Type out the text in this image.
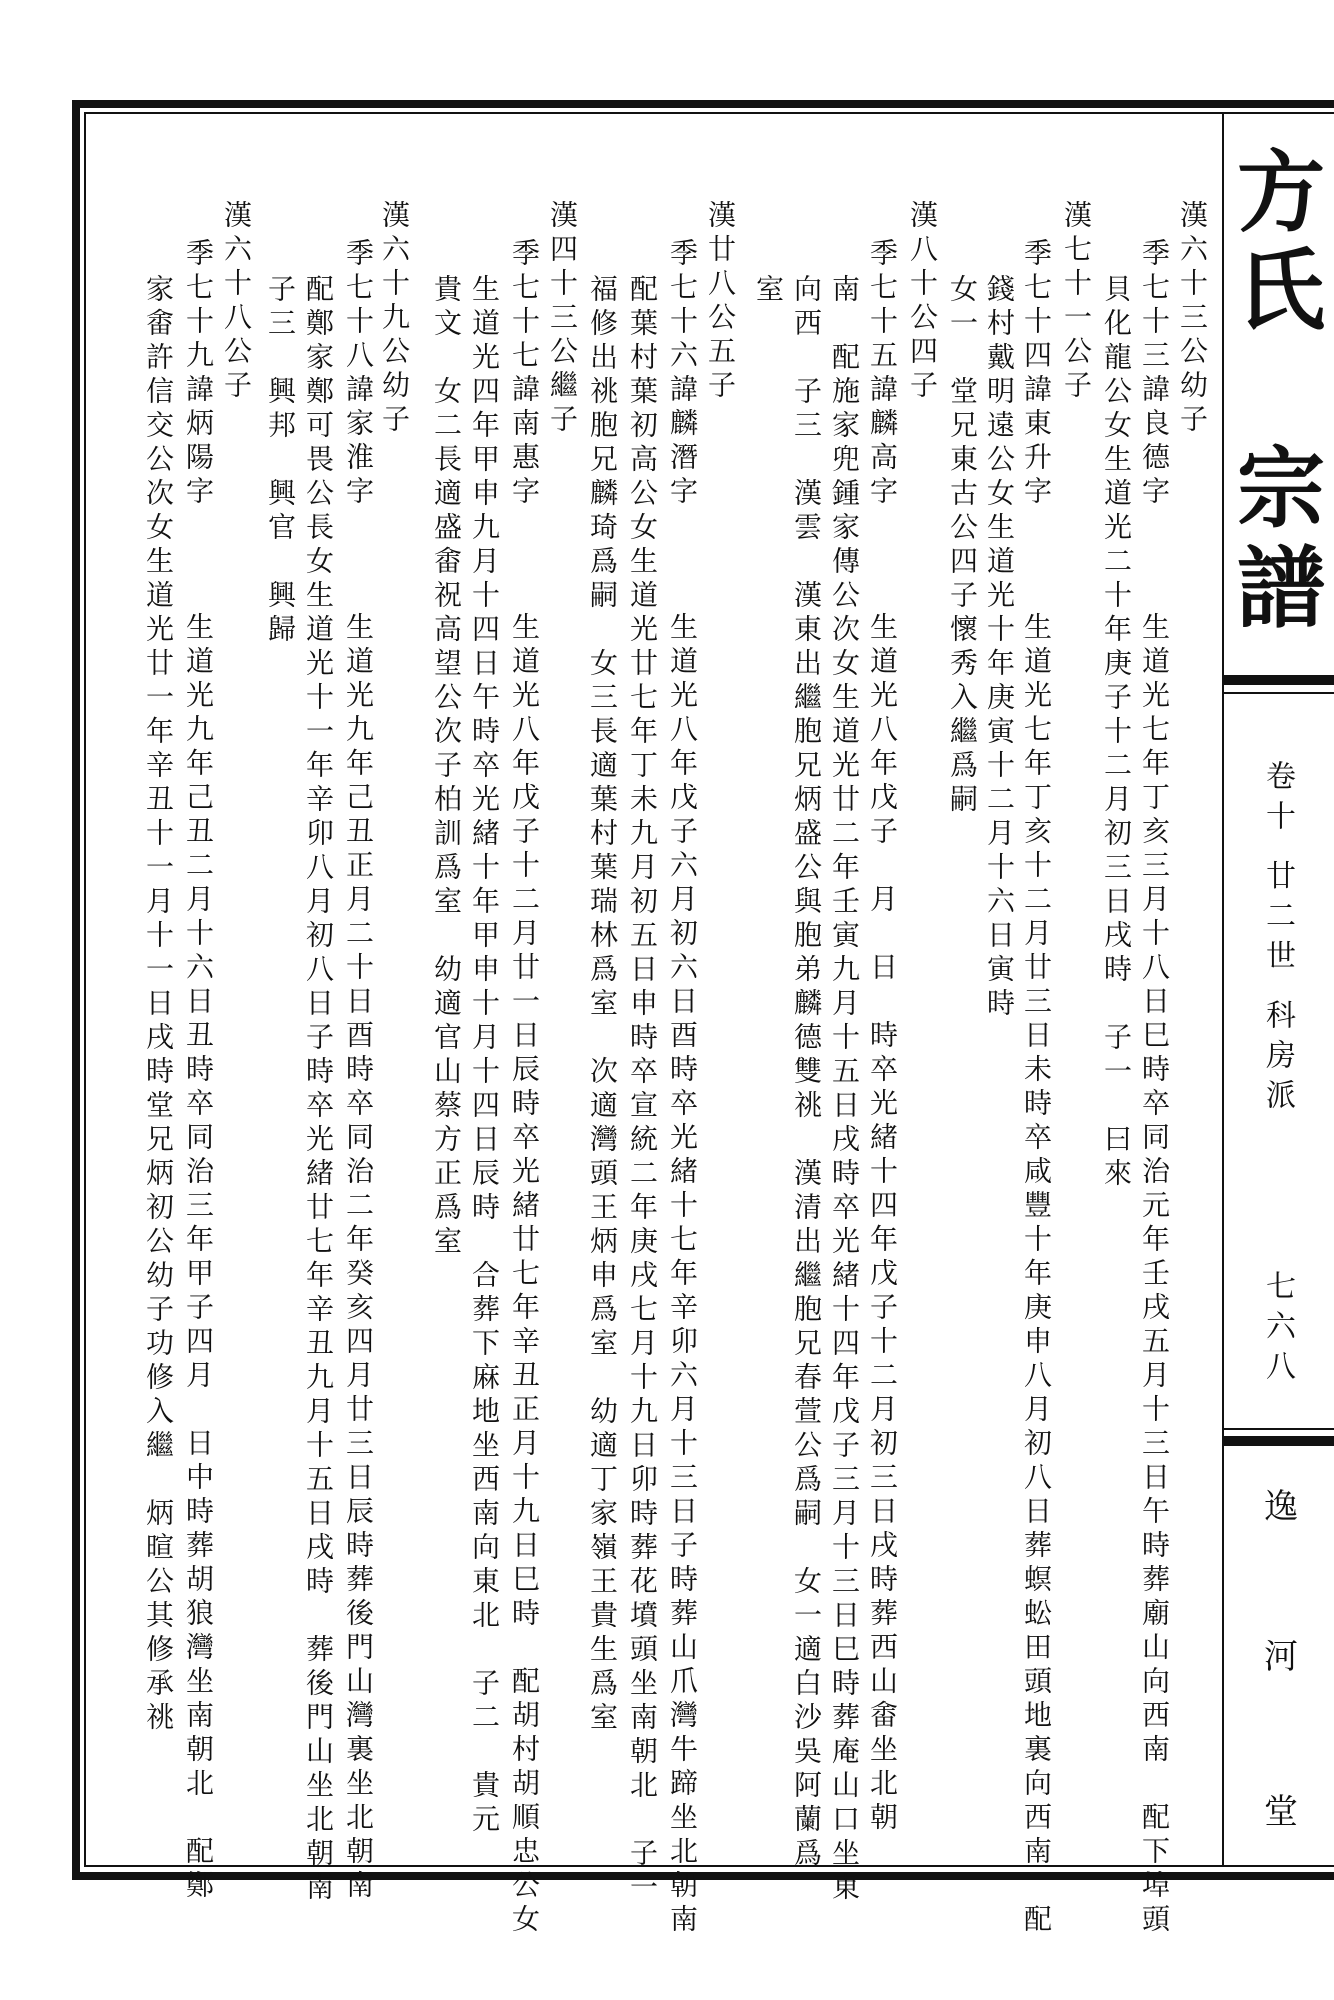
方
氏
宗
譜
卷十 廿二世 科房派
七六八
逸
河
堂
漢六十三公幼子
季七十三諱良德字　　　生道光七年丁亥三月十八日巳時卒同治元年壬戌五月十三日午時葬廟山向西南　配下埠頭
貝化龍公女生道光二十年庚子十二月初三日戌時　子一　曰來
漢七十一公子
季七十四諱東升字　　　生道光七年丁亥十二月廿三日未時卒咸豐十年庚申八月初八日葬螟蚣田頭地裏向西南　配
錢村戴明遠公女生道光十年庚寅十二月十六日寅時
女一　堂兄東古公四子懷秀入繼爲嗣
漢八十公四子
季七十五諱麟高字　　　生道光八年戊子　月　日　時卒光緒十四年戊子十二月初三日戌時葬西山畬坐北朝
南　配施家兜鍾家傳公次女生道光廿二年壬寅九月十五日戌時卒光緒十四年戊子三月十三日巳時葬庵山口坐東
向西　子三　漢雲　漢東出繼胞兄炳盛公與胞弟麟德雙祧　漢清出繼胞兄春萱公爲嗣　女一適白沙吳阿蘭爲
室
漢廿八公五子
季七十六諱麟潛字　　　生道光八年戊子六月初六日酉時卒光緒十七年辛卯六月十三日子時葬山爪灣牛蹄坐北朝南
配葉村葉初高公女生道光廿七年丁未九月初五日申時卒宣統二年庚戌七月十九日卯時葬花墳頭坐南朝北　子一
福修出祧胞兄麟琦爲嗣　女三長適葉村葉瑞林爲室　次適灣頭王炳申爲室　幼適丁家嶺王貴生爲室
漢四十三公繼子
季七十七諱南惠字　　　生道光八年戊子十二月廿一日辰時卒光緒廿七年辛丑正月十九日巳時　配胡村胡順忠公女
生道光四年甲申九月十四日午時卒光緒十年甲申十月十四日辰時　合葬下麻地坐西南向東北　子二　貴元
貴文　女二長適盛畬祝高望公次子柏訓爲室　幼適官山蔡方正爲室
漢六十九公幼子
季七十八諱家淮字　　　生道光九年己丑正月二十日酉時卒同治二年癸亥四月廿三日辰時葬後門山灣裏坐北朝南
配鄭家鄭可畏公長女生道光十一年辛卯八月初八日子時卒光緒廿七年辛丑九月十五日戌時　葬後門山坐北朝南
子三　興邦　興官　興歸
漢六十八公子
季七十九諱炳陽字　　　生道光九年己丑二月十六日丑時卒同治三年甲子四月　日中時葬胡狼灣坐南朝北　配鄭
家畬許信交公次女生道光廿一年辛丑十一月十一日戌時堂兄炳初公幼子功修入繼　炳暄公其修承祧
